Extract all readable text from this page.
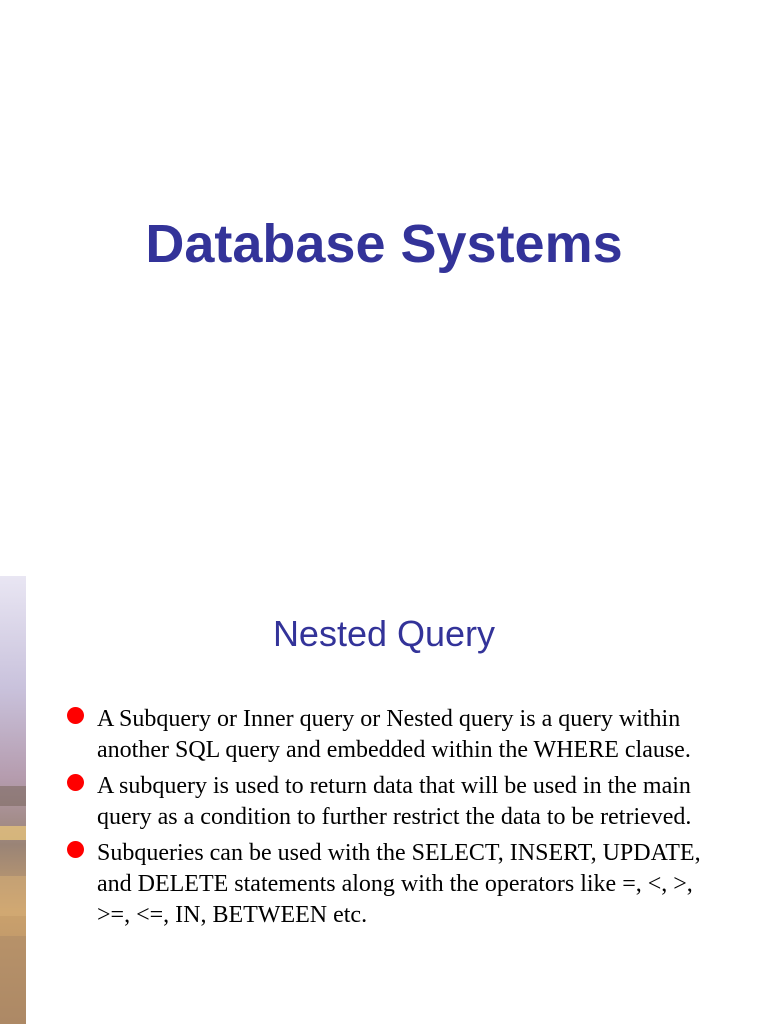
Database Systems
Nested Query
A Subquery or Inner query or Nested query is a query within another SQL query and embedded within the WHERE clause.
A subquery is used to return data that will be used in the main query as a condition to further restrict the data to be retrieved.
Subqueries can be used with the SELECT, INSERT, UPDATE, and DELETE statements along with the operators like =, <, >, >=, <=, IN, BETWEEN etc.
